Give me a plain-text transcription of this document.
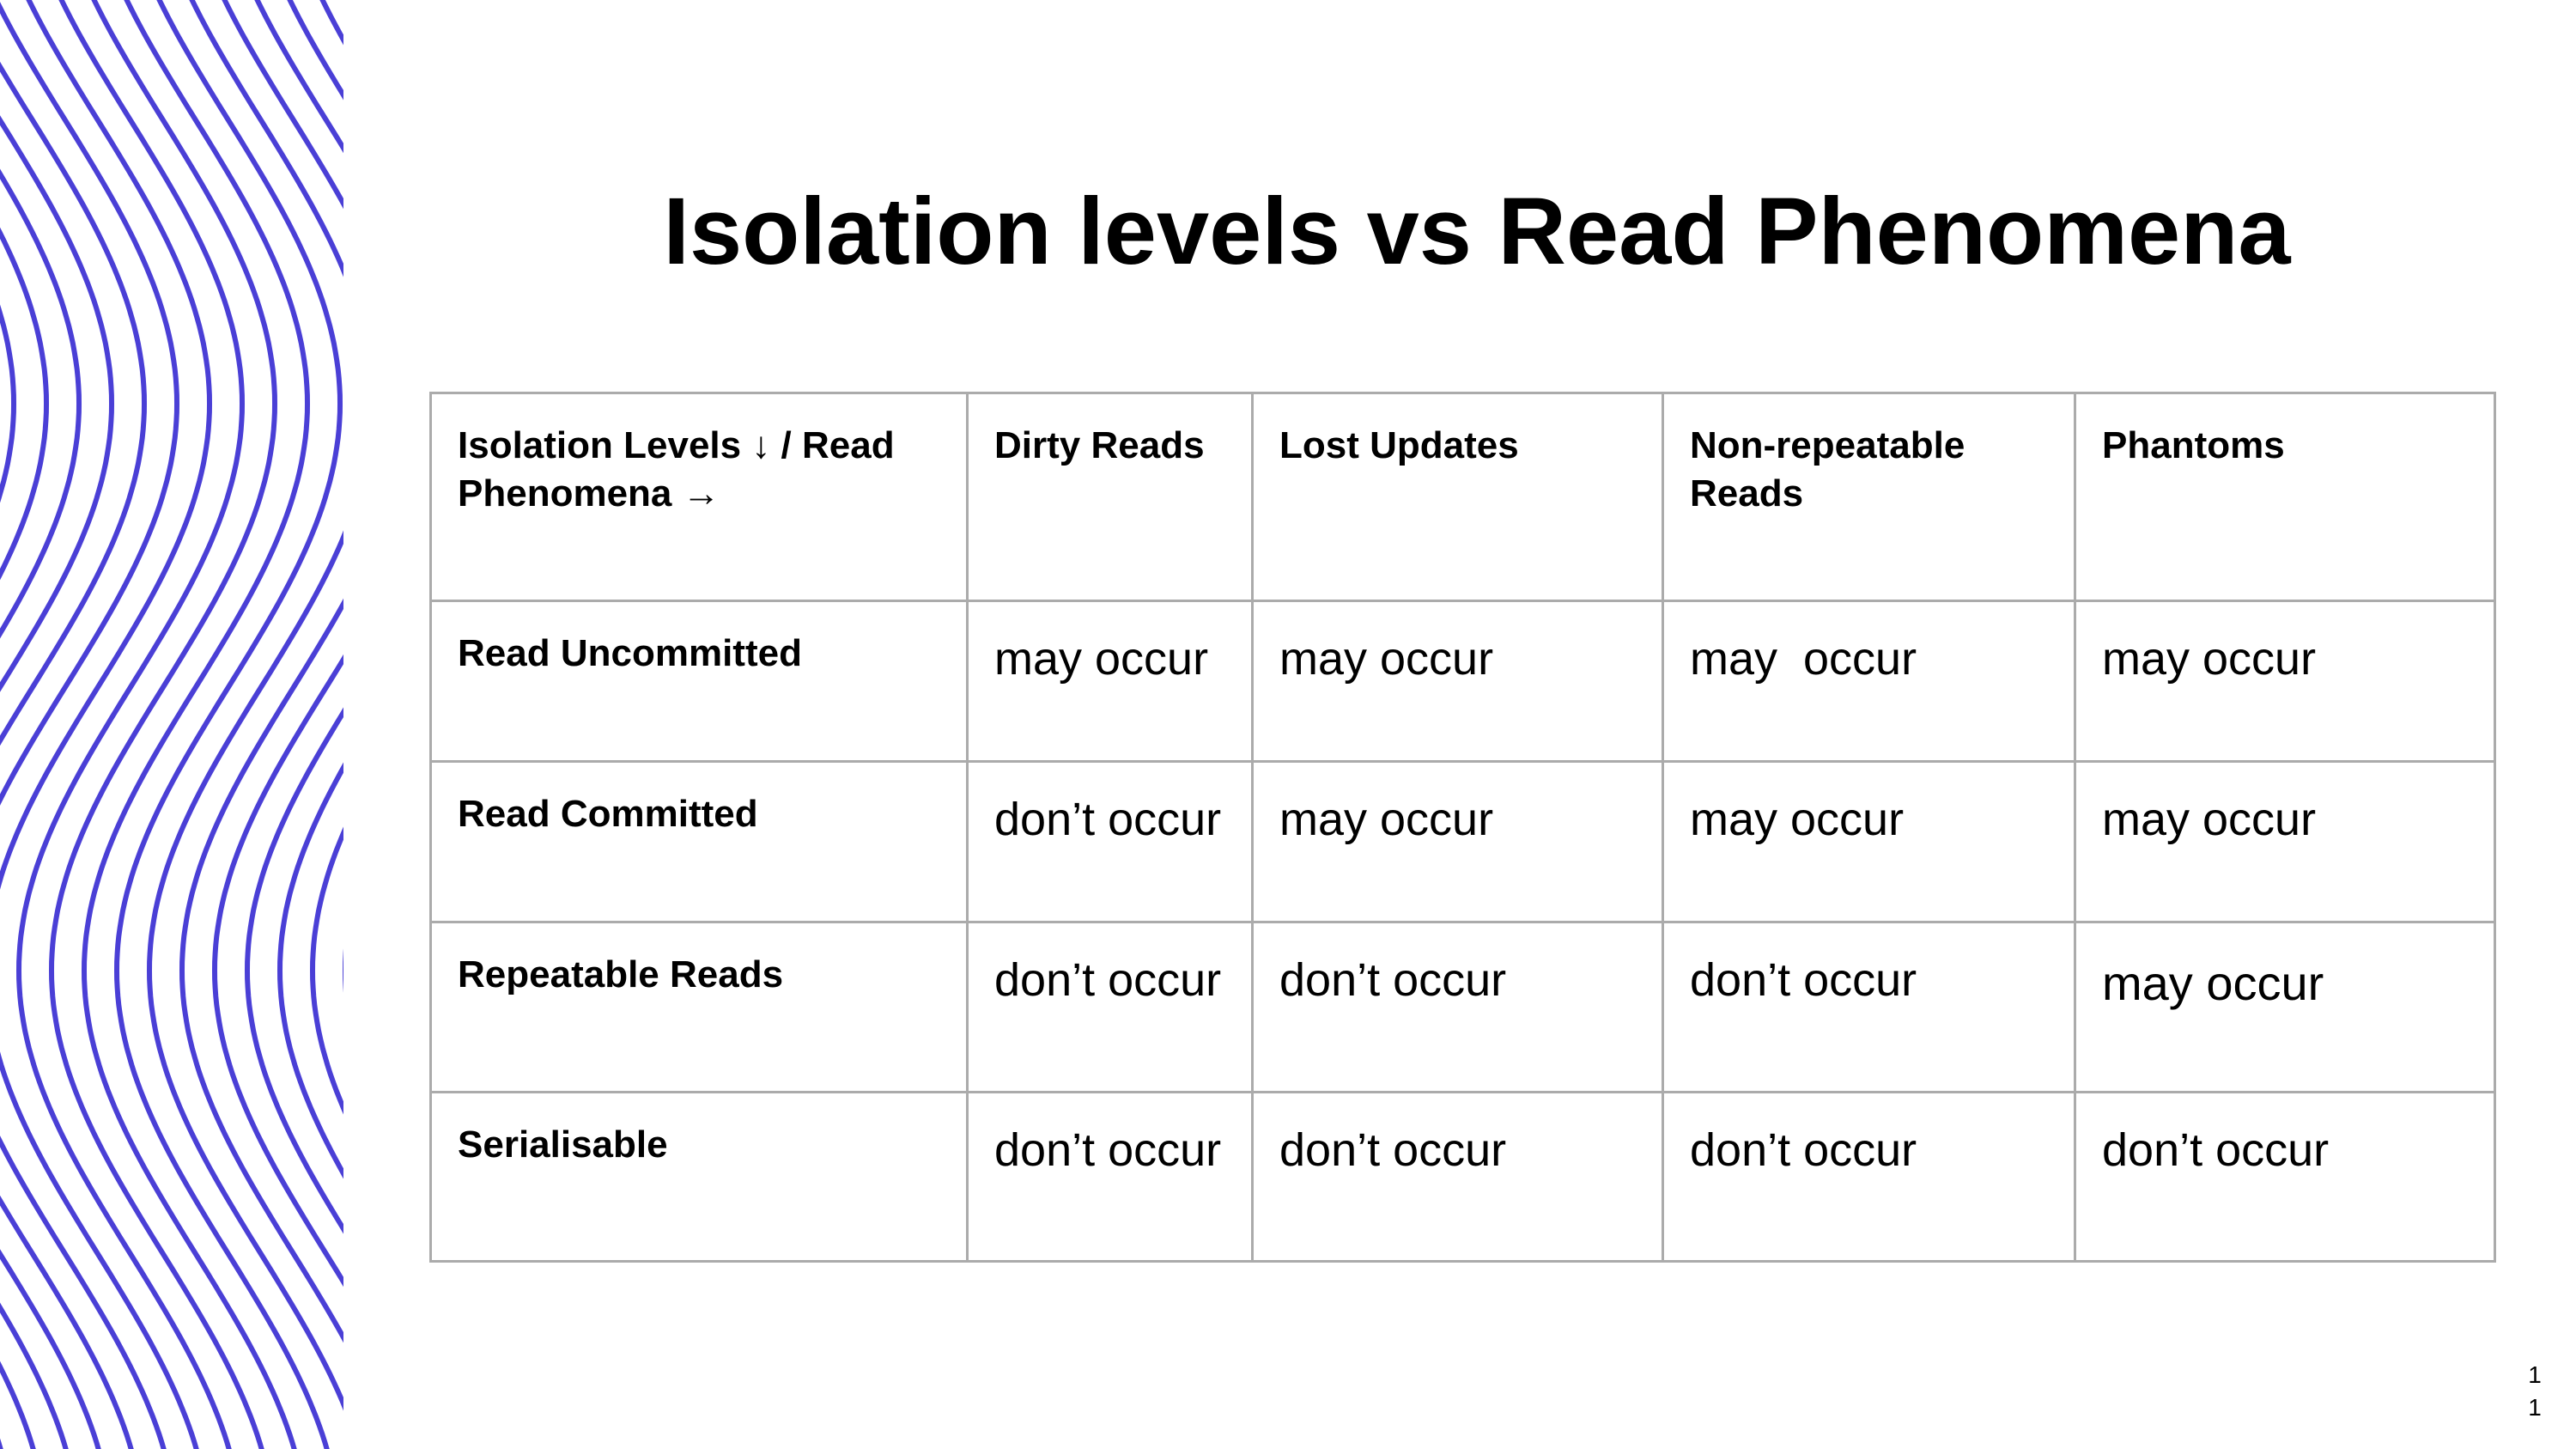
Isolation levels vs Read Phenomena
Isolation Levels ↓ / Read Phenomena →	Dirty Reads	Lost Updates	Non-repeatable Reads	Phantoms
Read Uncommitted	may occur	may occur	may  occur	may occur
Read Committed	don’t occur	may occur	may occur	may occur
Repeatable Reads	don’t occur	don’t occur	don’t occur	may occur
Serialisable	don’t occur	don’t occur	don’t occur	don’t occur
1
1
